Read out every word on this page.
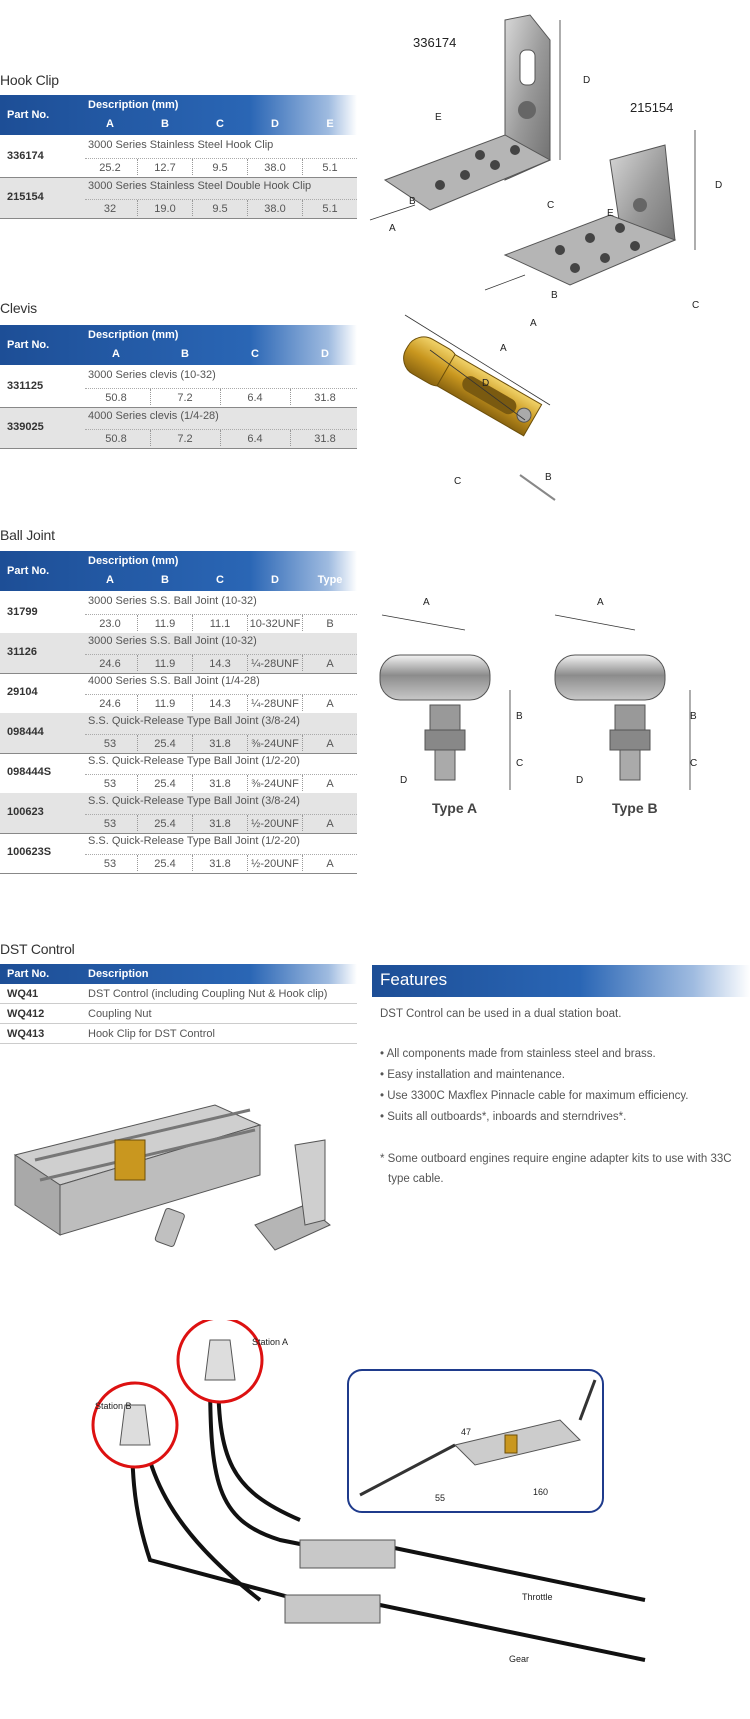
Hook Clip
Part No.
Description (mm)
A	B	C	D	E
336174
3000 Series Stainless Steel Hook Clip
25.2	12.7	9.5	38.0	5.1
215154
3000 Series Stainless Steel Double Hook Clip
32	19.0	9.5	38.0	5.1
336174
215154
D
D
E
E
A
B	C
A
B
C
Clevis
Part No.
Description (mm)
A	B	C	D
331125
3000 Series clevis (10-32)
50.8	7.2	6.4	31.8
339025
4000 Series clevis (1/4-28)
50.8	7.2	6.4	31.8
A
D
C	B
Ball Joint
Part No.
Description (mm)
A	B	C	D	Type
31799
3000 Series S.S. Ball Joint (10-32)
23.0	11.9	11.1	10-32UNF	B
31126
3000 Series S.S. Ball Joint (10-32)
24.6	11.9	14.3	¼-28UNF	A
29104
4000 Series S.S. Ball Joint (1/4-28)
24.6	11.9	14.3	¼-28UNF	A
098444
S.S. Quick-Release Type Ball Joint (3/8-24)
53	25.4	31.8	⅜-24UNF	A
098444S
S.S. Quick-Release Type Ball Joint (1/2-20)
53	25.4	31.8	⅜-24UNF	A
100623
S.S. Quick-Release Type Ball Joint (3/8-24)
53	25.4	31.8	½-20UNF	A
100623S
S.S. Quick-Release Type Ball Joint (1/2-20)
53	25.4	31.8	½-20UNF	A
A	A
B	B
C	C
D	D
Type A	Type B
DST Control
Part No.	Description
WQ41	DST Control (including Coupling Nut & Hook clip)
WQ412	Coupling Nut
WQ413	Hook Clip for DST Control
Features
DST Control can be used in a dual station boat.
• All components made from stainless steel and brass.
• Easy installation and maintenance.
• Use 3300C Maxflex Pinnacle cable for maximum efficiency.
• Suits all outboards*, inboards and sterndrives*.
* Some outboard engines require engine adapter kits to use with 33C
type cable.
Station A
Station B
Throttle
Gear
47
55
160
